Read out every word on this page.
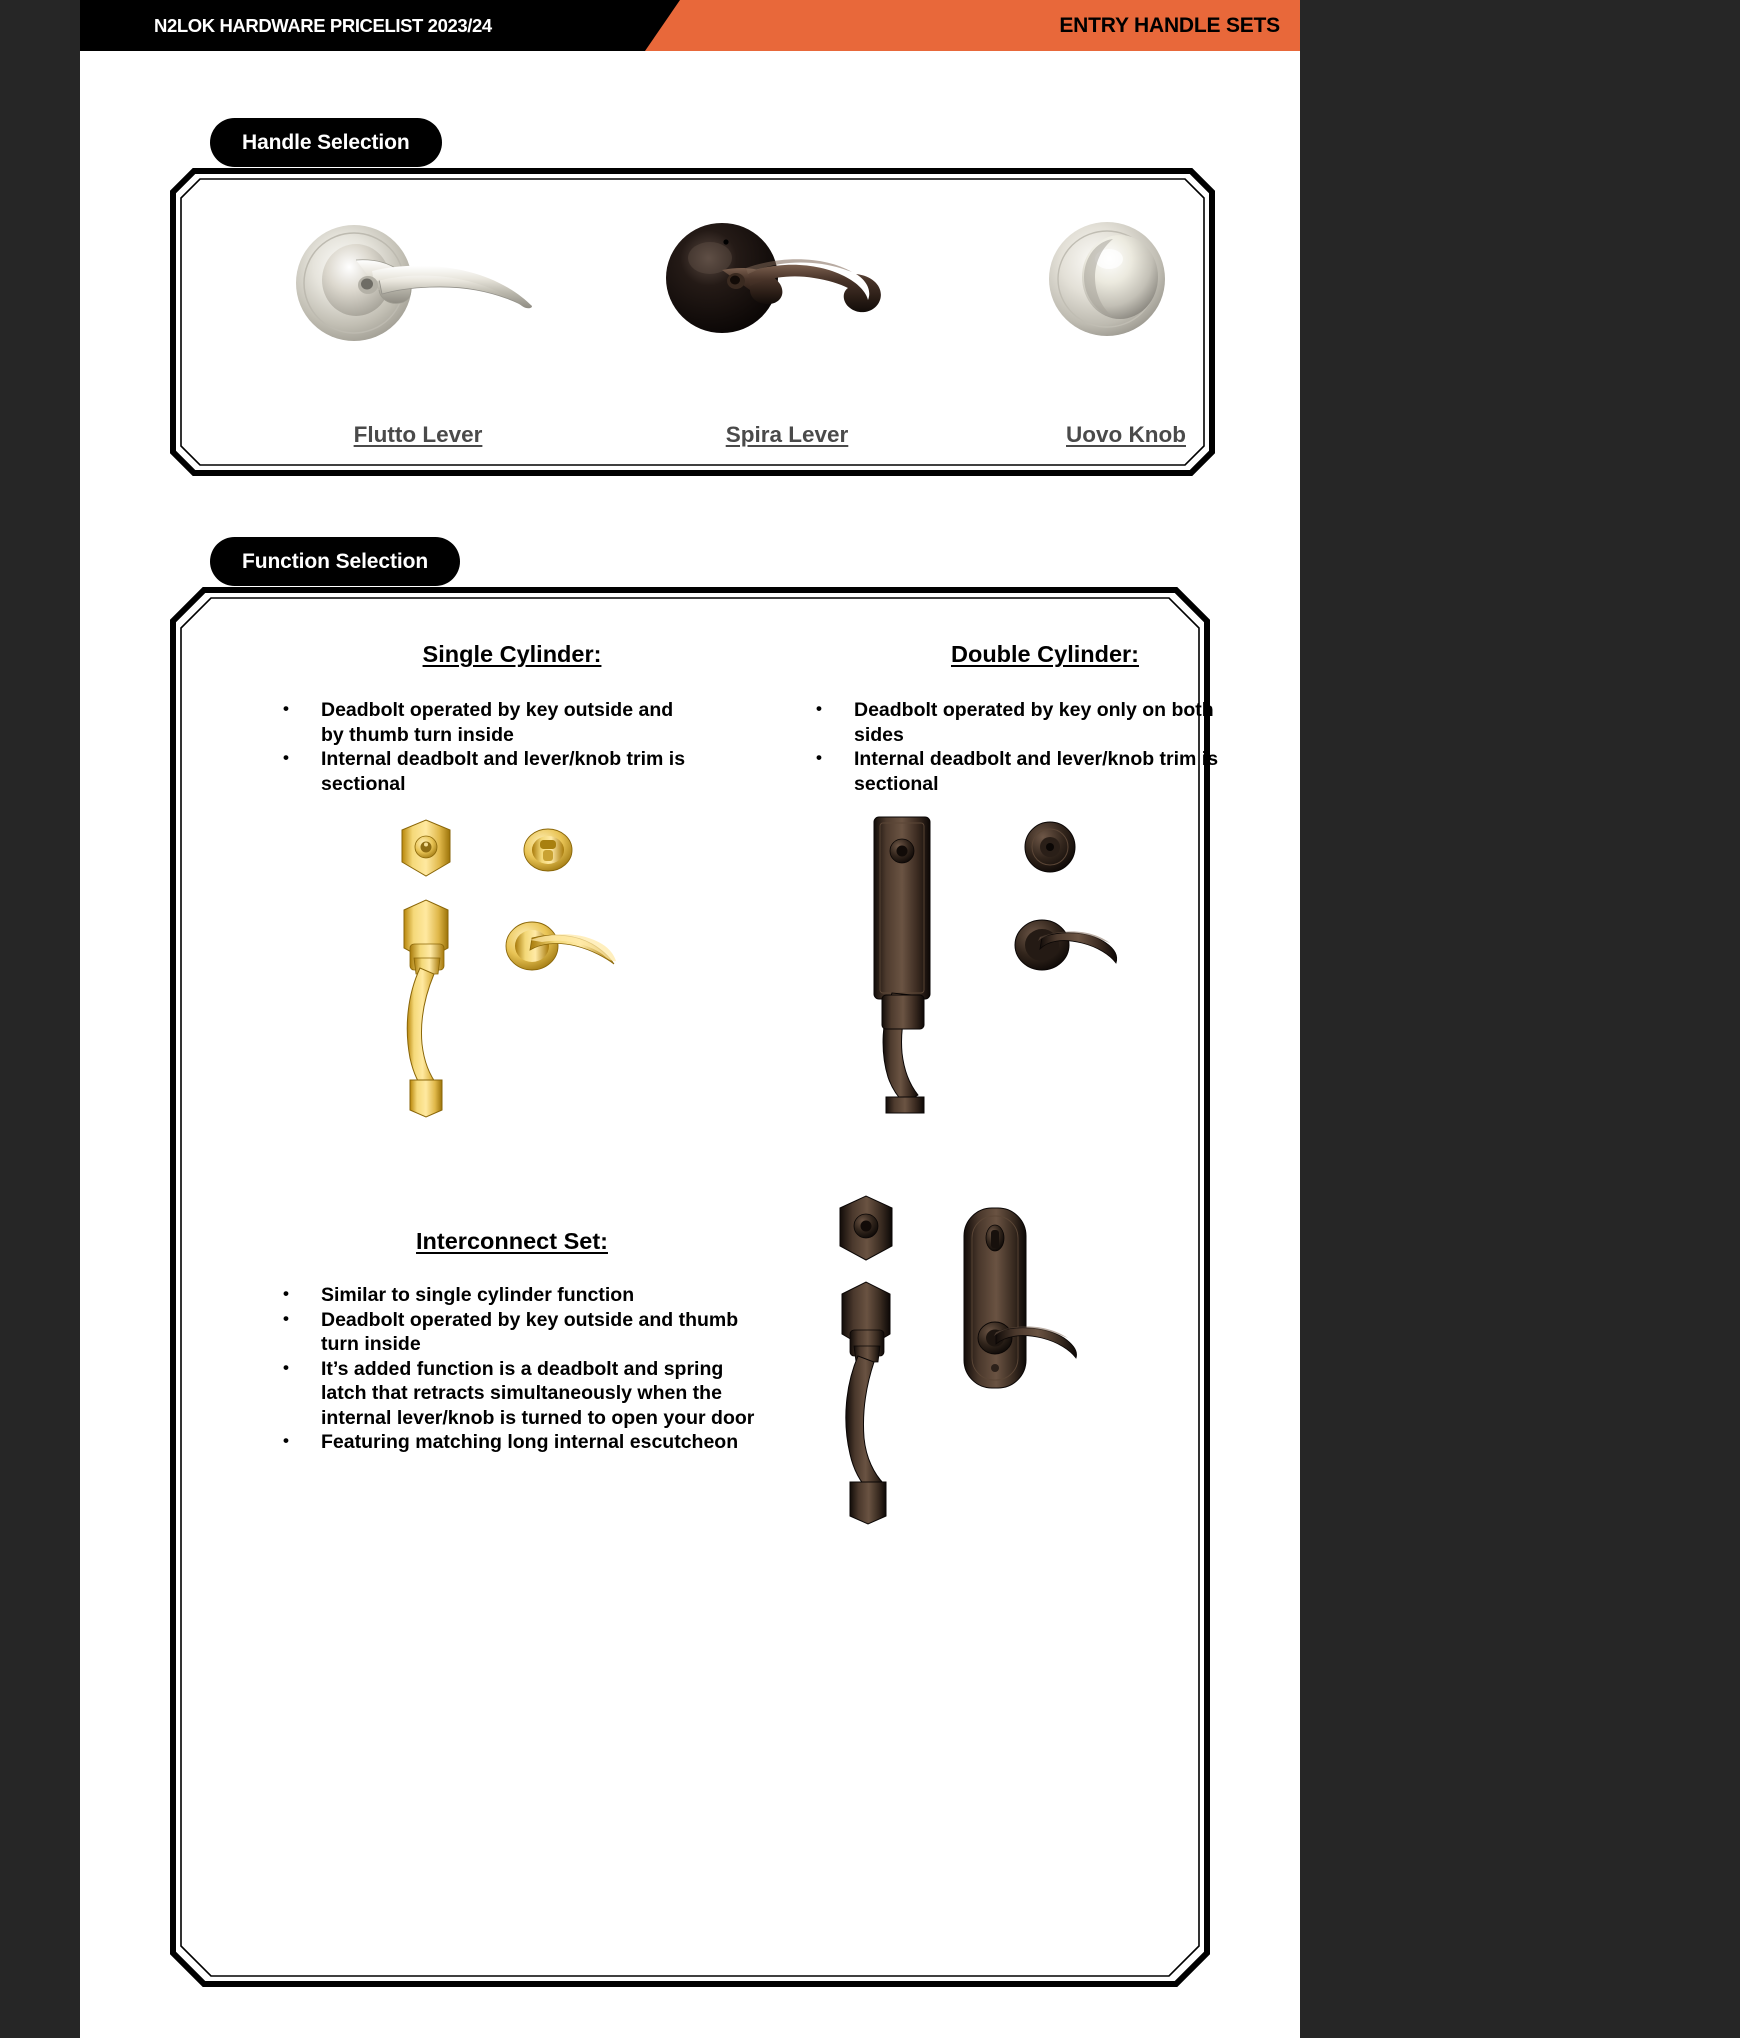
N2LOK HARDWARE PRICELIST 2023/24	ENTRY HANDLE SETS
Handle Selection
Flutto Lever	Spira Lever	Uovo Knob
Function Selection
Single Cylinder:	Double Cylinder:
• Deadbolt operated by key outside and by thumb turn inside
• Internal deadbolt and lever/knob trim is sectional
• Deadbolt operated by key only on both sides
• Internal deadbolt and lever/knob trim is sectional
Interconnect Set:
• Similar to single cylinder function
• Deadbolt operated by key outside and thumb turn inside
• It’s added function is a deadbolt and spring latch that retracts simultaneously when the internal lever/knob is turned to open your door
• Featuring matching long internal escutcheon
